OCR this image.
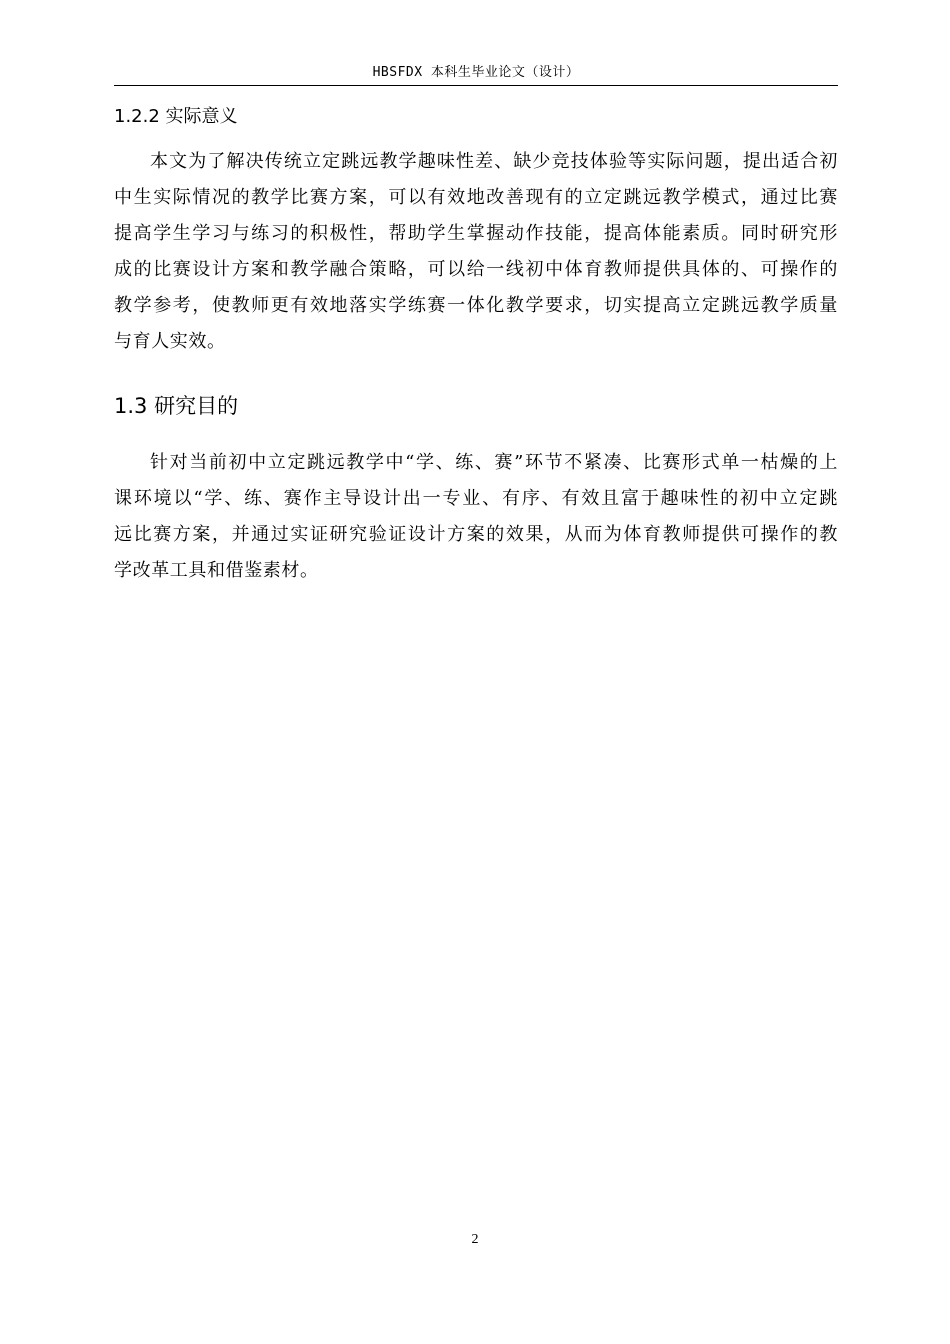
HBSFDX 本科生毕业论文（设计）
1.2.2 实际意义
本文为了解决传统立定跳远教学趣味性差、缺少竞技体验等实际问题，提出适合初
中生实际情况的教学比赛方案，可以有效地改善现有的立定跳远教学模式，通过比赛
提高学生学习与练习的积极性，帮助学生掌握动作技能，提高体能素质。同时研究形
成的比赛设计方案和教学融合策略，可以给一线初中体育教师提供具体的、可操作的
教学参考，使教师更有效地落实学练赛一体化教学要求，切实提高立定跳远教学质量
与育人实效。
1.3 研究目的
针对当前初中立定跳远教学中“学、练、赛”环节不紧凑、比赛形式单一枯燥的上
课环境以“学、练、赛作主导设计出一专业、有序、有效且富于趣味性的初中立定跳
远比赛方案，并通过实证研究验证设计方案的效果，从而为体育教师提供可操作的教
学改革工具和借鉴素材。
2
